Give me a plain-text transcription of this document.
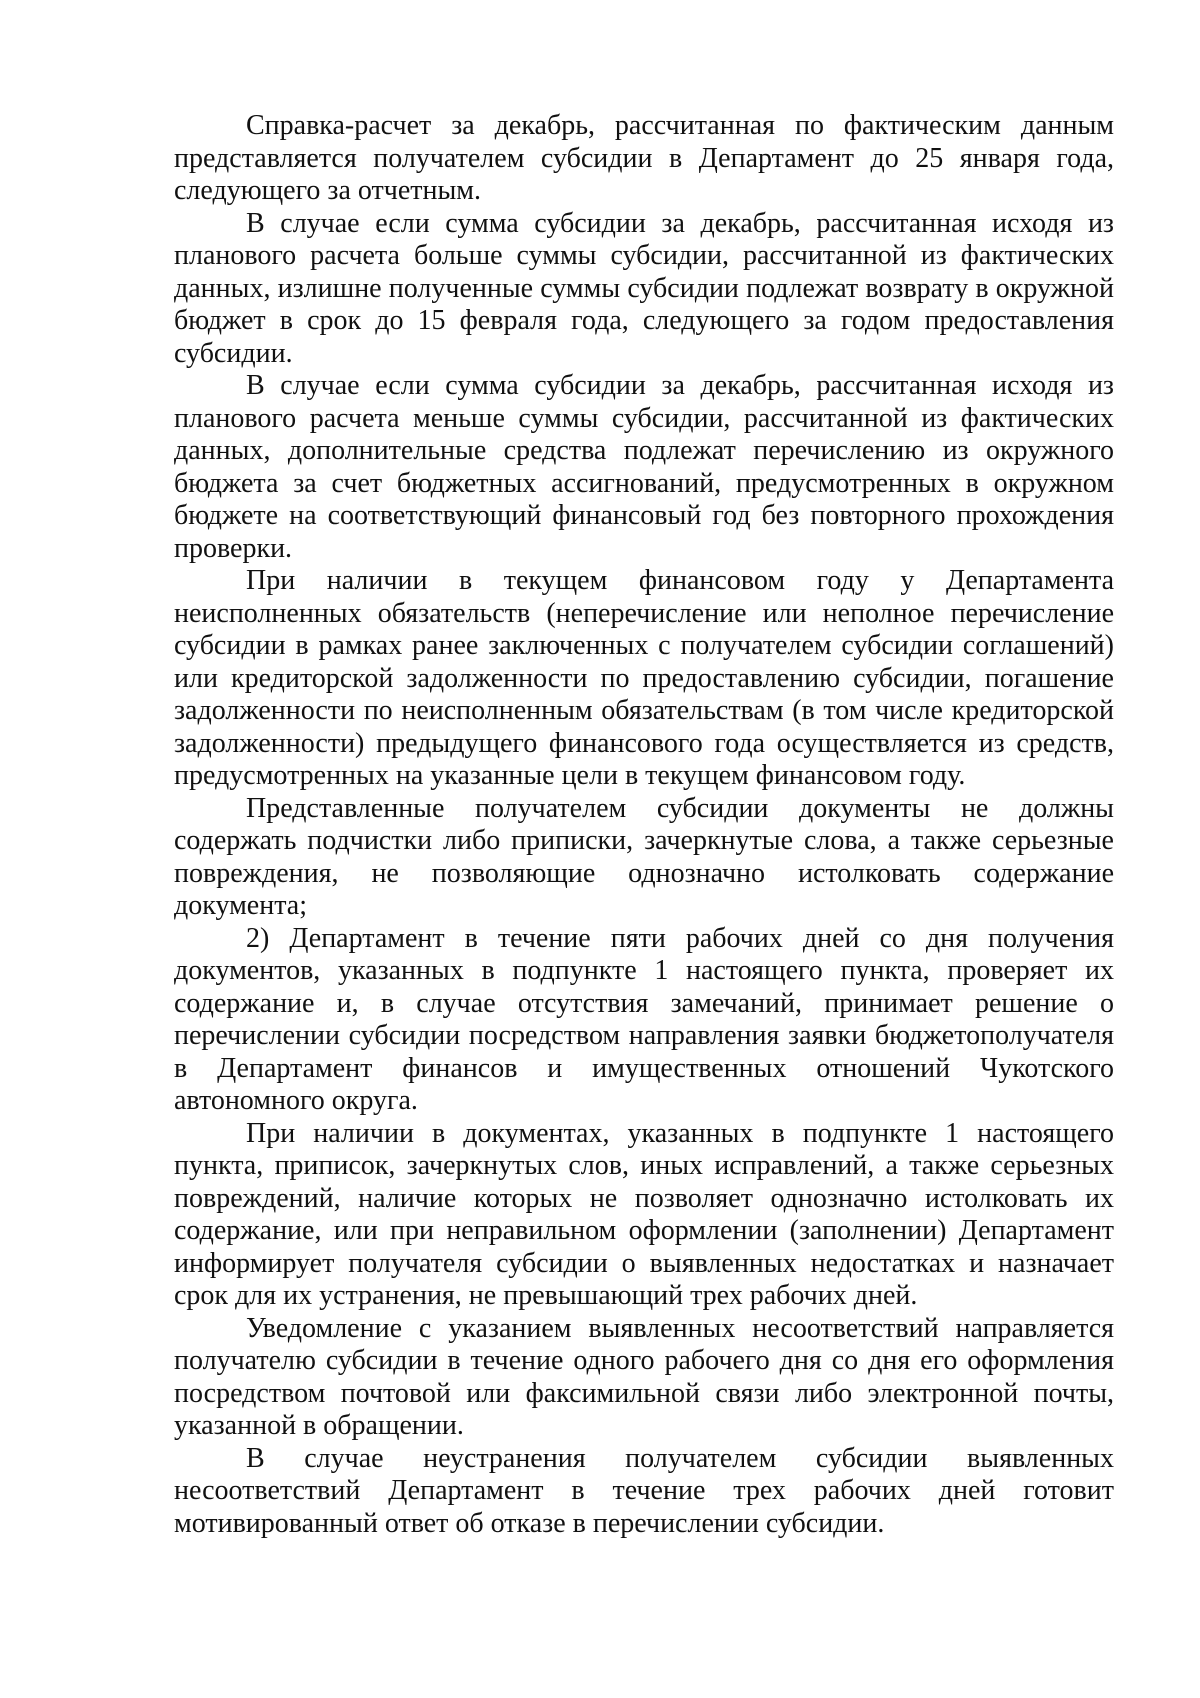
Справка-расчет за декабрь, рассчитанная по фактическим данным представляется получателем субсидии в Департамент до 25 января года, следующего за отчетным.

В случае если сумма субсидии за декабрь, рассчитанная исходя из планового расчета больше суммы субсидии, рассчитанной из фактических данных, излишне полученные суммы субсидии подлежат возврату в окружной бюджет в срок до 15 февраля года, следующего за годом предоставления субсидии.

В случае если сумма субсидии за декабрь, рассчитанная исходя из планового расчета меньше суммы субсидии, рассчитанной из фактических данных, дополнительные средства подлежат перечислению из окружного бюджета за счет бюджетных ассигнований, предусмотренных в окружном бюджете на соответствующий финансовый год без повторного прохождения проверки.

При наличии в текущем финансовом году у Департамента неисполненных обязательств (неперечисление или неполное перечисление субсидии в рамках ранее заключенных с получателем субсидии соглашений) или кредиторской задолженности по предоставлению субсидии, погашение задолженности по неисполненным обязательствам (в том числе кредиторской задолженности) предыдущего финансового года осуществляется из средств, предусмотренных на указанные цели в текущем финансовом году.

Представленные получателем субсидии документы не должны содержать подчистки либо приписки, зачеркнутые слова, а также серьезные повреждения, не позволяющие однозначно истолковать содержание документа;

2) Департамент в течение пяти рабочих дней со дня получения документов, указанных в подпункте 1 настоящего пункта, проверяет их содержание и, в случае отсутствия замечаний, принимает решение о перечислении субсидии посредством направления заявки бюджетополучателя в Департамент финансов и имущественных отношений Чукотского автономного округа.

При наличии в документах, указанных в подпункте 1 настоящего пункта, приписок, зачеркнутых слов, иных исправлений, а также серьезных повреждений, наличие которых не позволяет однозначно истолковать их содержание, или при неправильном оформлении (заполнении) Департамент информирует получателя субсидии о выявленных недостатках и назначает срок для их устранения, не превышающий трех рабочих дней.

Уведомление с указанием выявленных несоответствий направляется получателю субсидии в течение одного рабочего дня со дня его оформления посредством почтовой или факсимильной связи либо электронной почты, указанной в обращении.

В случае неустранения получателем субсидии выявленных несоответствий Департамент в течение трех рабочих дней готовит мотивированный ответ об отказе в перечислении субсидии.
